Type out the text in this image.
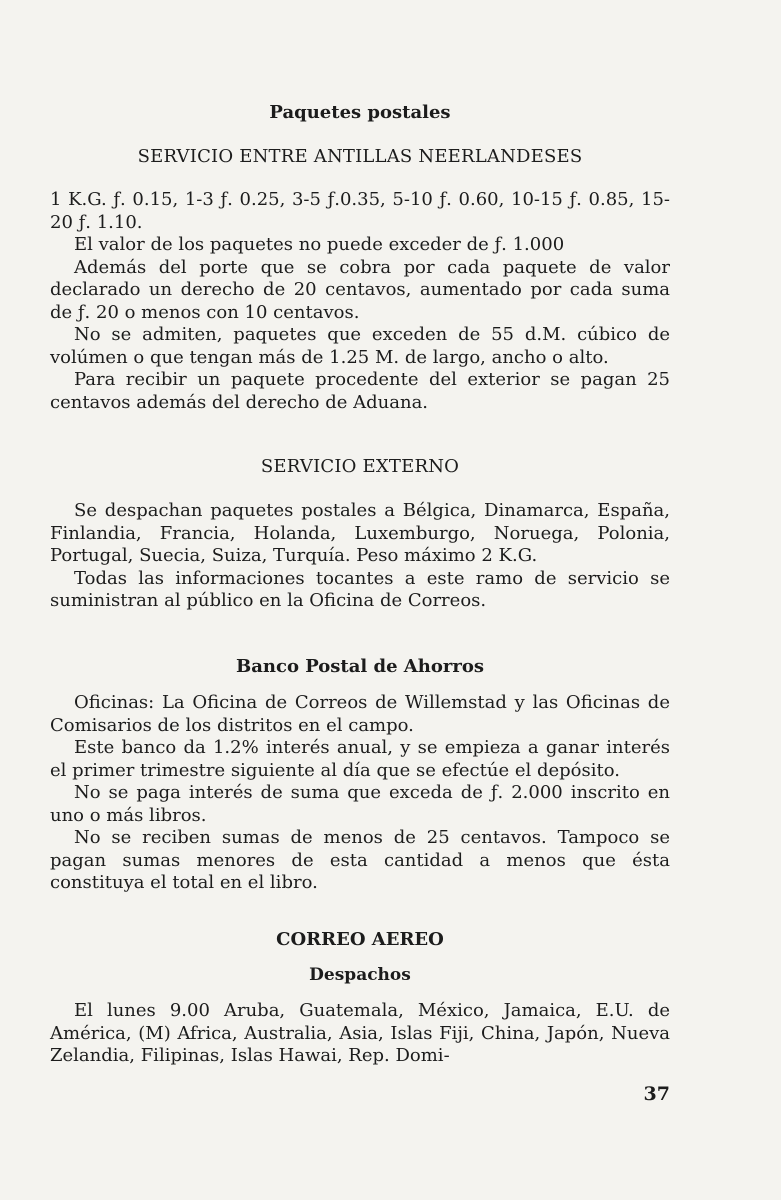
Paquetes postales
SERVICIO ENTRE ANTILLAS NEERLANDESES

1 K.G. ƒ. 0.15, 1-3 ƒ. 0.25, 3-5 ƒ.0.35, 5-10 ƒ. 0.60, 10-15 ƒ. 0.85, 15-20 ƒ. 1.10.

El valor de los paquetes no puede exceder de ƒ. 1.000

Además del porte que se cobra por cada paquete de valor declarado un derecho de 20 centavos, aumentado por cada suma de ƒ. 20 o menos con 10 centavos.

No se admiten, paquetes que exceden de 55 d.M. cúbico de volúmen o que tengan más de 1.25 M. de largo, ancho o alto.

Para recibir un paquete procedente del exterior se pagan 25 centavos además del derecho de Aduana.

SERVICIO EXTERNO

Se despachan paquetes postales a Bélgica, Dinamarca, España, Finlandia, Francia, Holanda, Luxemburgo, Noruega, Polonia, Portugal, Suecia, Suiza, Turquía. Peso máximo 2 K.G.

Todas las informaciones tocantes a este ramo de servicio se suministran al público en la Oficina de Correos.

Banco Postal de Ahorros

Oficinas: La Oficina de Correos de Willemstad y las Oficinas de Comisarios de los distritos en el campo.

Este banco da 1.2% interés anual, y se empieza a ganar interés el primer trimestre siguiente al día que se efectúe el depósito.

No se paga interés de suma que exceda de ƒ. 2.000 inscrito en uno o más libros.

No se reciben sumas de menos de 25 centavos. Tampoco se pagan sumas menores de esta cantidad a menos que ésta constituya el total en el libro.

CORREO AEREO
Despachos

El lunes 9.00 Aruba, Guatemala, México, Jamaica, E.U. de América, (M) Africa, Australia, Asia, Islas Fiji, China, Japón, Nueva Zelandia, Filipinas, Islas Hawai, Rep. Domi-

37
